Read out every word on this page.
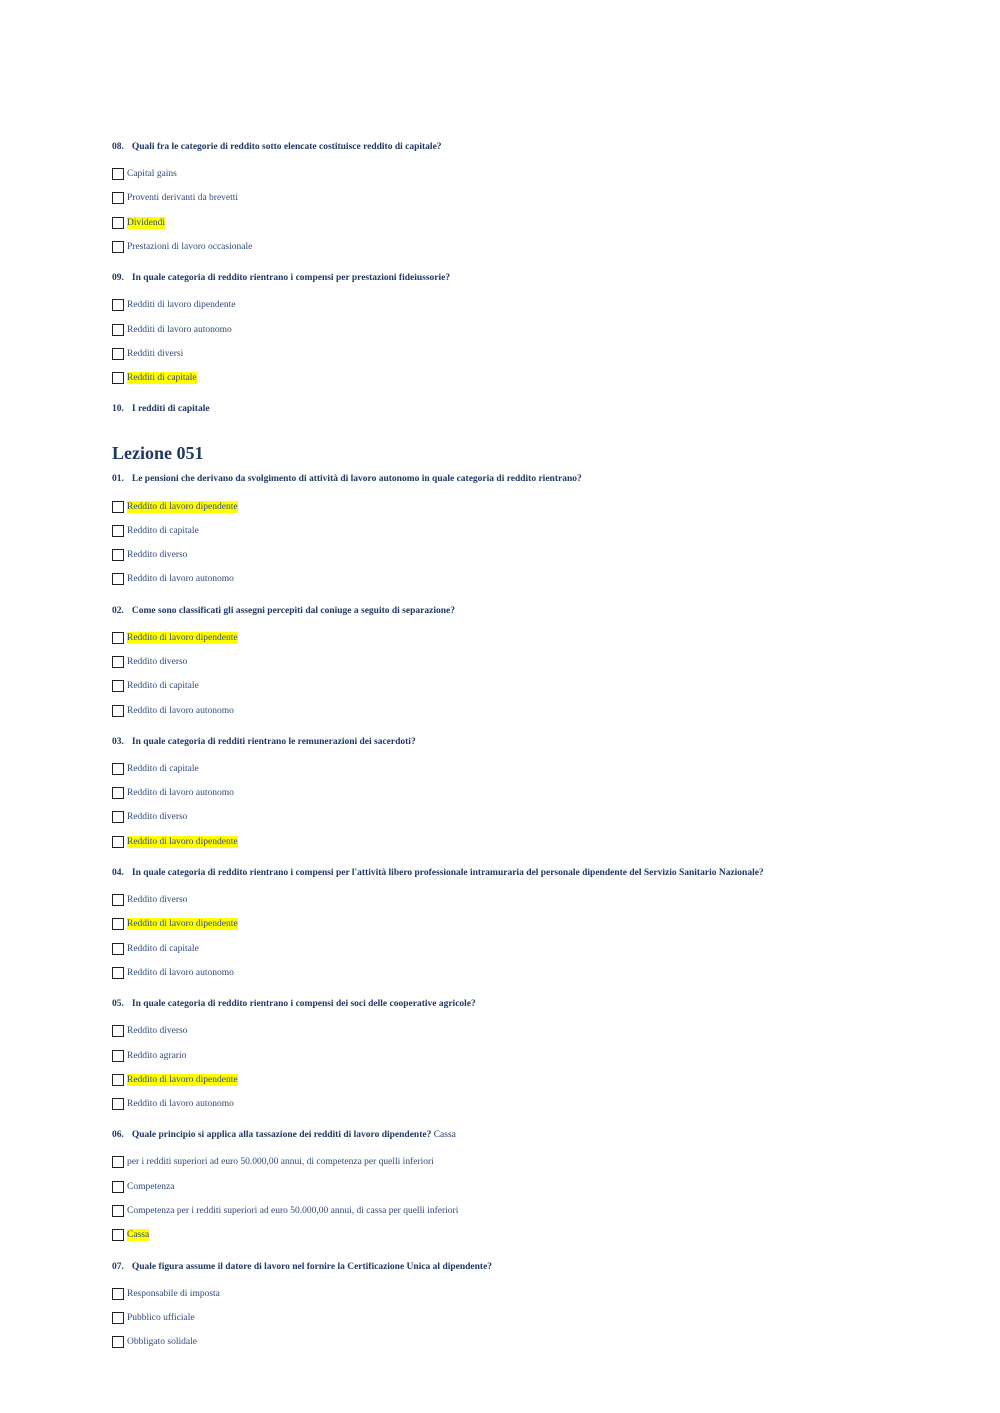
08. Quali fra le categorie di reddito sotto elencate costituisce reddito di capitale?

Capital gains
Proventi derivanti da brevetti
Dividendi
Prestazioni di lavoro occasionale

09. In quale categoria di reddito rientrano i compensi per prestazioni fideiussorie?

Redditi di lavoro dipendente
Redditi di lavoro autonomo
Redditi diversi
Redditi di capitale

10. I redditi di capitale

Lezione 051

01. Le pensioni che derivano da svolgimento di attività di lavoro autonomo in quale categoria di reddito rientrano?

Reddito di lavoro dipendente
Reddito di capitale
Reddito diverso
Reddito di lavoro autonomo

02. Come sono classificati gli assegni percepiti dal coniuge a seguito di separazione?

Reddito di lavoro dipendente
Reddito diverso
Reddito di capitale
Reddito di lavoro autonomo

03. In quale categoria di redditi rientrano le remunerazioni dei sacerdoti?

Reddito di capitale
Reddito di lavoro autonomo
Reddito diverso
Reddito di lavoro dipendente

04. In quale categoria di reddito rientrano i compensi per l'attività libero professionale intramuraria del personale dipendente del Servizio Sanitario Nazionale?

Reddito diverso
Reddito di lavoro dipendente
Reddito di capitale
Reddito di lavoro autonomo

05. In quale categoria di reddito rientrano i compensi dei soci delle cooperative agricole?

Reddito diverso
Reddito agrario
Reddito di lavoro dipendente
Reddito di lavoro autonomo

06. Quale principio si applica alla tassazione dei redditi di lavoro dipendente? Cassa

per i redditi superiori ad euro 50.000,00 annui, di competenza per quelli inferiori
Competenza
Competenza per i redditi superiori ad euro 50.000,00 annui, di cassa per quelli inferiori
Cassa

07. Quale figura assume il datore di lavoro nel fornire la Certificazione Unica al dipendente?

Responsabile di imposta
Pubblico ufficiale
Obbligato solidale
